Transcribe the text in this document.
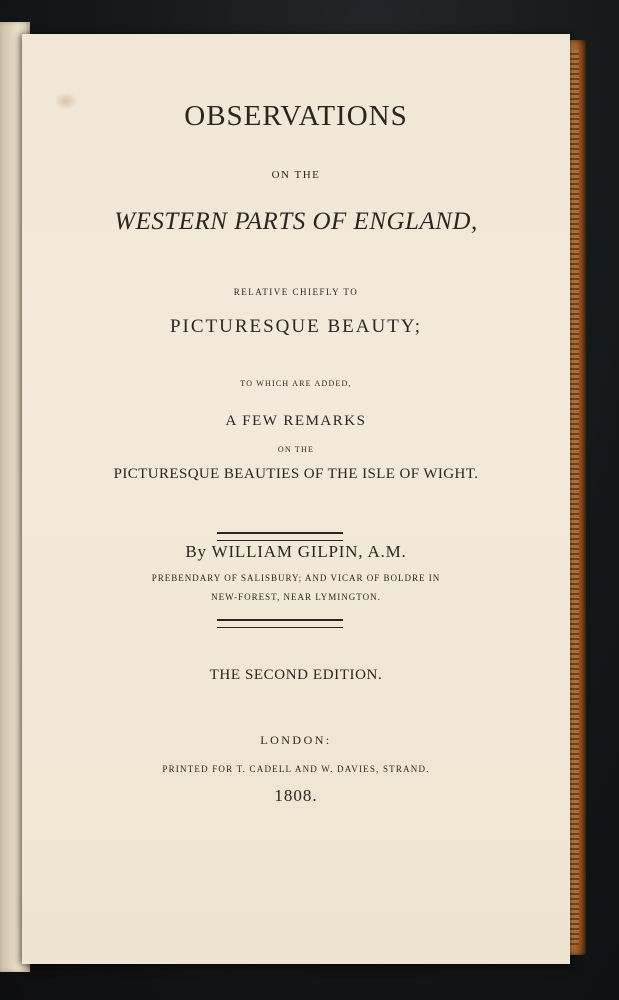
OBSERVATIONS

ON THE

WESTERN PARTS OF ENGLAND,

RELATIVE CHIEFLY TO

PICTURESQUE BEAUTY;

TO WHICH ARE ADDED,

A FEW REMARKS

ON THE

PICTURESQUE BEAUTIES OF THE ISLE OF WIGHT.

By WILLIAM GILPIN, A.M.

PREBENDARY OF SALISBURY; AND VICAR OF BOLDRE IN

NEW-FOREST, NEAR LYMINGTON.

THE SECOND EDITION.

LONDON:

PRINTED FOR T. CADELL AND W. DAVIES, STRAND.

1808.
